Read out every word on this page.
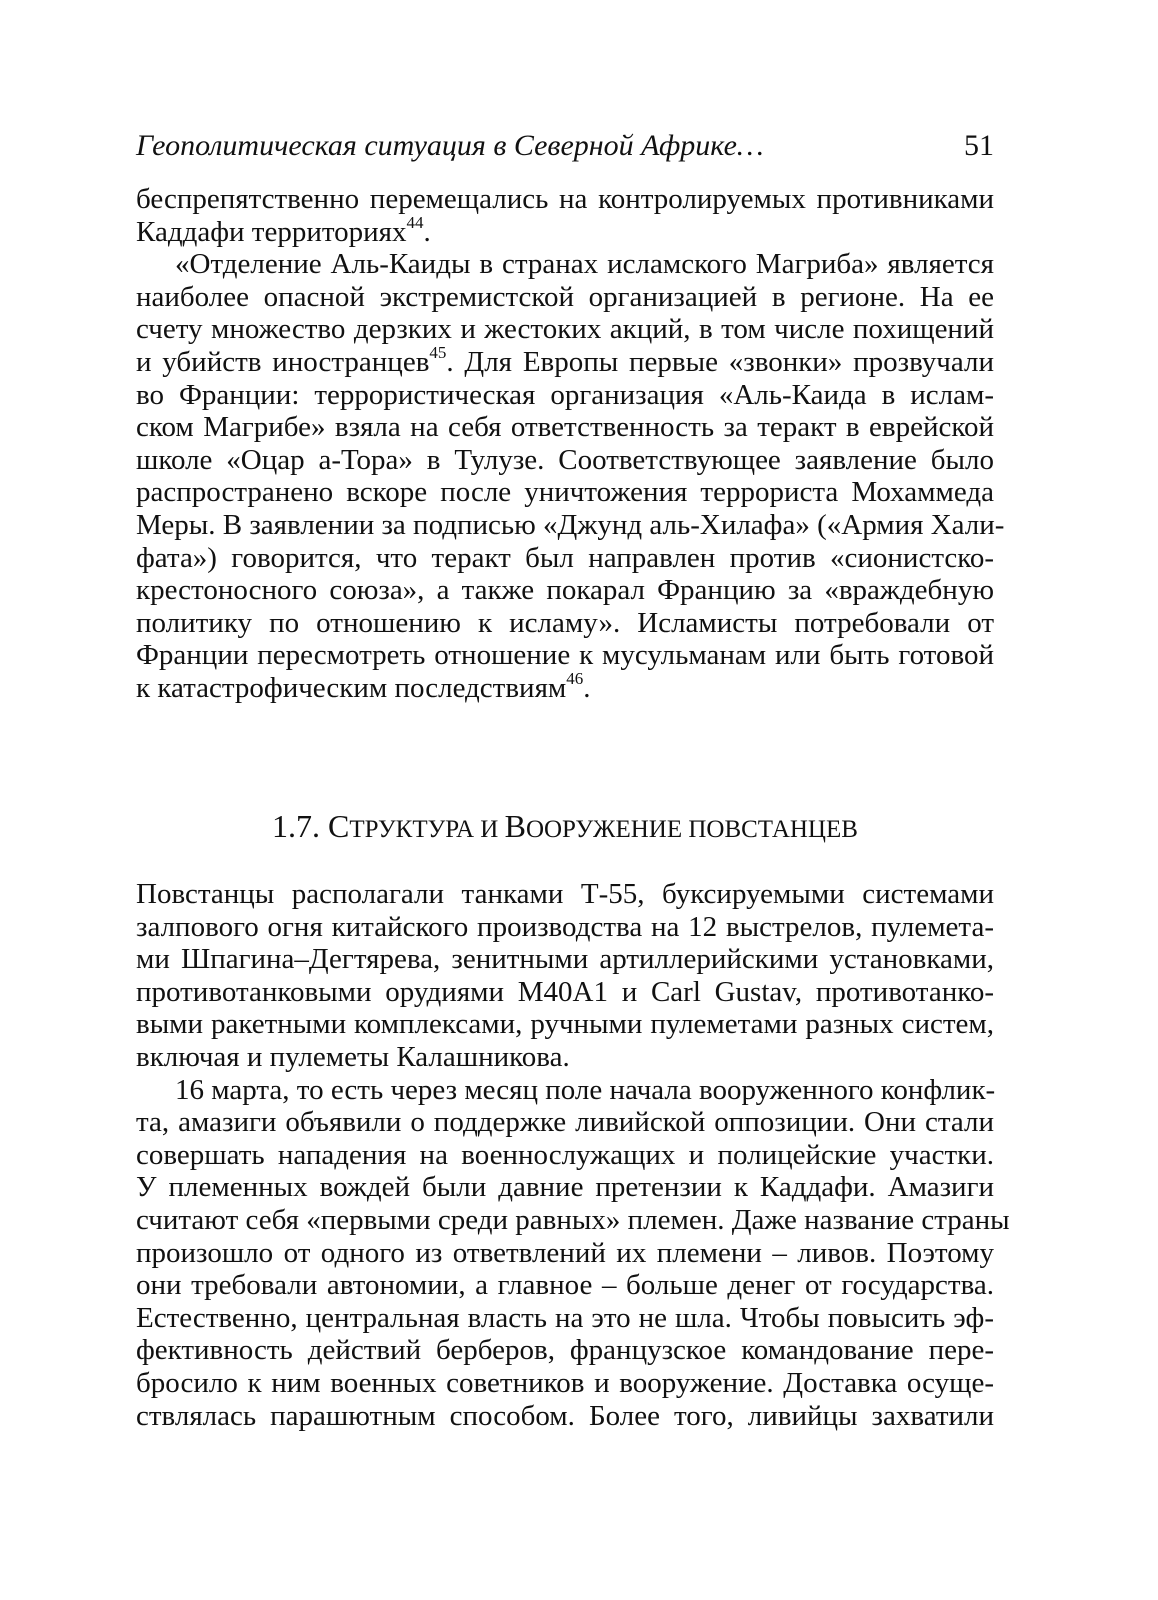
Геополитическая ситуация в Северной Африке…	51
беспрепятственно перемещались на контролируемых противниками
Каддафи территориях$^{44}$.
«Отделение Аль-Каиды в странах исламского Магриба» является
наиболее опасной экстремистской организацией в регионе. На ее
счету множество дерзких и жестоких акций, в том числе похищений
и убийств иностранцев$^{45}$. Для Европы первые «звонки» прозвучали
во Франции: террористическая организация «Аль-Каида в ислам-
ском Магрибе» взяла на себя ответственность за теракт в еврейской
школе «Оцар а-Тора» в Тулузе. Соответствующее заявление было
распространено вскоре после уничтожения террориста Мохаммеда
Меры. В заявлении за подписью «Джунд аль-Хилафа» («Армия Хали-
фата») говорится, что теракт был направлен против «сионистско-
крестоносного союза», а также покарал Францию за «враждебную
политику по отношению к исламу». Исламисты потребовали от
Франции пересмотреть отношение к мусульманам или быть готовой
к катастрофическим последствиям$^{46}$.
1.7. СТРУКТУРА И ВООРУЖЕНИЕ ПОВСТАНЦЕВ
Повстанцы располагали танками Т-55, буксируемыми системами
залпового огня китайского производства на 12 выстрелов, пулемета-
ми Шпагина–Дегтярева, зенитными артиллерийскими установками,
противотанковыми орудиями M40A1 и Carl Gustav, противотанко-
выми ракетными комплексами, ручными пулеметами разных систем,
включая и пулеметы Калашникова.
16 марта, то есть через месяц поле начала вооруженного конфлик-
та, амазиги объявили о поддержке ливийской оппозиции. Они стали
совершать нападения на военнослужащих и полицейские участки.
У племенных вождей были давние претензии к Каддафи. Амазиги
считают себя «первыми среди равных» племен. Даже название страны
произошло от одного из ответвлений их племени – ливов. Поэтому
они требовали автономии, а главное – больше денег от государства.
Естественно, центральная власть на это не шла. Чтобы повысить эф-
фективность действий берберов, французское командование пере-
бросило к ним военных советников и вооружение. Доставка осуще-
ствлялась парашютным способом. Более того, ливийцы захватили
